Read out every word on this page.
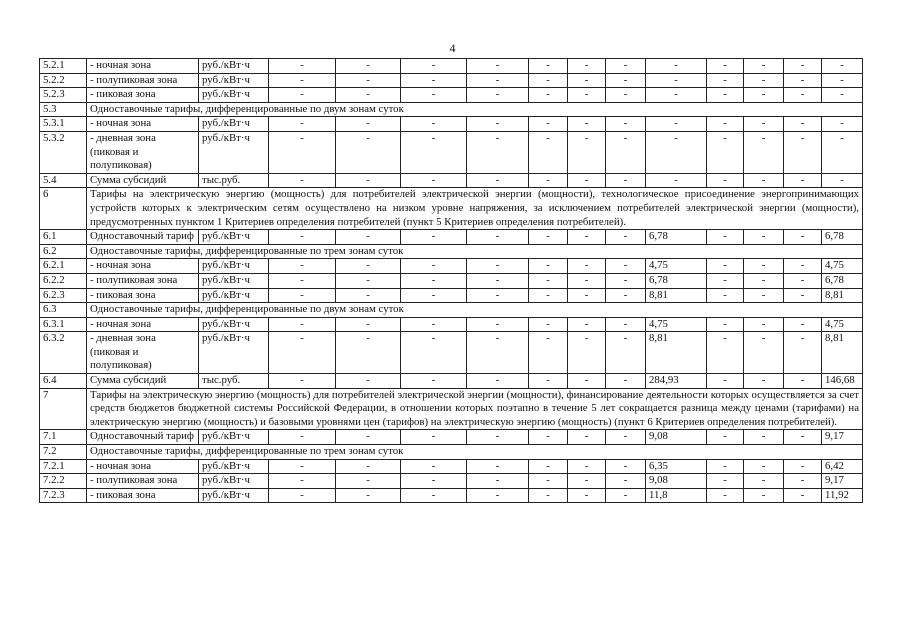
4
5.2.1	- ночная зона	руб./кВт·ч	-	-	-	-	-	-	-	-	-	-	-	-
5.2.2	- полупиковая зона	руб./кВт·ч	-	-	-	-	-	-	-	-	-	-	-	-
5.2.3	- пиковая зона	руб./кВт·ч	-	-	-	-	-	-	-	-	-	-	-	-
5.3	Одноставочные тарифы, дифференцированные по двум зонам суток													
5.3.1	- ночная зона	руб./кВт·ч	-	-	-	-	-	-	-	-	-	-	-	-
5.3.2	- дневная зона (пиковая и полупиковая)	руб./кВт·ч	-	-	-	-	-	-	-	-	-	-	-	-
5.4	Сумма субсидий	тыс.руб.	-	-	-	-	-	-	-	-	-	-	-	-
6	Тарифы на электрическую энергию (мощность) для потребителей электрической энергии (мощности), технологическое присоединение энергопринимающих устройств которых к электрическим сетям осуществлено на низком уровне напряжения, за исключением потребителей электрической энергии (мощности), предусмотренных пунктом 1 Критериев определения потребителей (пункт 5 Критериев определения потребителей).													
6.1	Одноставочный тариф	руб./кВт·ч	-	-	-	-	-	-	-	6,78	-	-	-	6,78
6.2	Одноставочные тарифы, дифференцированные по трем зонам суток													
6.2.1	- ночная зона	руб./кВт·ч	-	-	-	-	-	-	-	4,75	-	-	-	4,75
6.2.2	- полупиковая зона	руб./кВт·ч	-	-	-	-	-	-	-	6,78	-	-	-	6,78
6.2.3	- пиковая зона	руб./кВт·ч	-	-	-	-	-	-	-	8,81	-	-	-	8,81
6.3	Одноставочные тарифы, дифференцированные по двум зонам суток													
6.3.1	- ночная зона	руб./кВт·ч	-	-	-	-	-	-	-	4,75	-	-	-	4,75
6.3.2	- дневная зона (пиковая и полупиковая)	руб./кВт·ч	-	-	-	-	-	-	-	8,81	-	-	-	8,81
6.4	Сумма субсидий	тыс.руб.	-	-	-	-	-	-	-	284,93	-	-	-	146,68
7	Тарифы на электрическую энергию (мощность) для потребителей электрической энергии (мощности), финансирование деятельности которых осуществляется за счет средств бюджетов бюджетной системы Российской Федерации, в отношении которых поэтапно в течение 5 лет сокращается разница между ценами (тарифами) на электрическую энергию (мощность) и базовыми уровнями цен (тарифов) на электрическую энергию (мощность) (пункт 6 Критериев определения потребителей).													
7.1	Одноставочный тариф	руб./кВт·ч	-	-	-	-	-	-	-	9,08	-	-	-	9,17
7.2	Одноставочные тарифы, дифференцированные по трем зонам суток													
7.2.1	- ночная зона	руб./кВт·ч	-	-	-	-	-	-	-	6,35	-	-	-	6,42
7.2.2	- полупиковая зона	руб./кВт·ч	-	-	-	-	-	-	-	9,08	-	-	-	9,17
7.2.3	- пиковая зона	руб./кВт·ч	-	-	-	-	-	-	-	11,8	-	-	-	11,92
